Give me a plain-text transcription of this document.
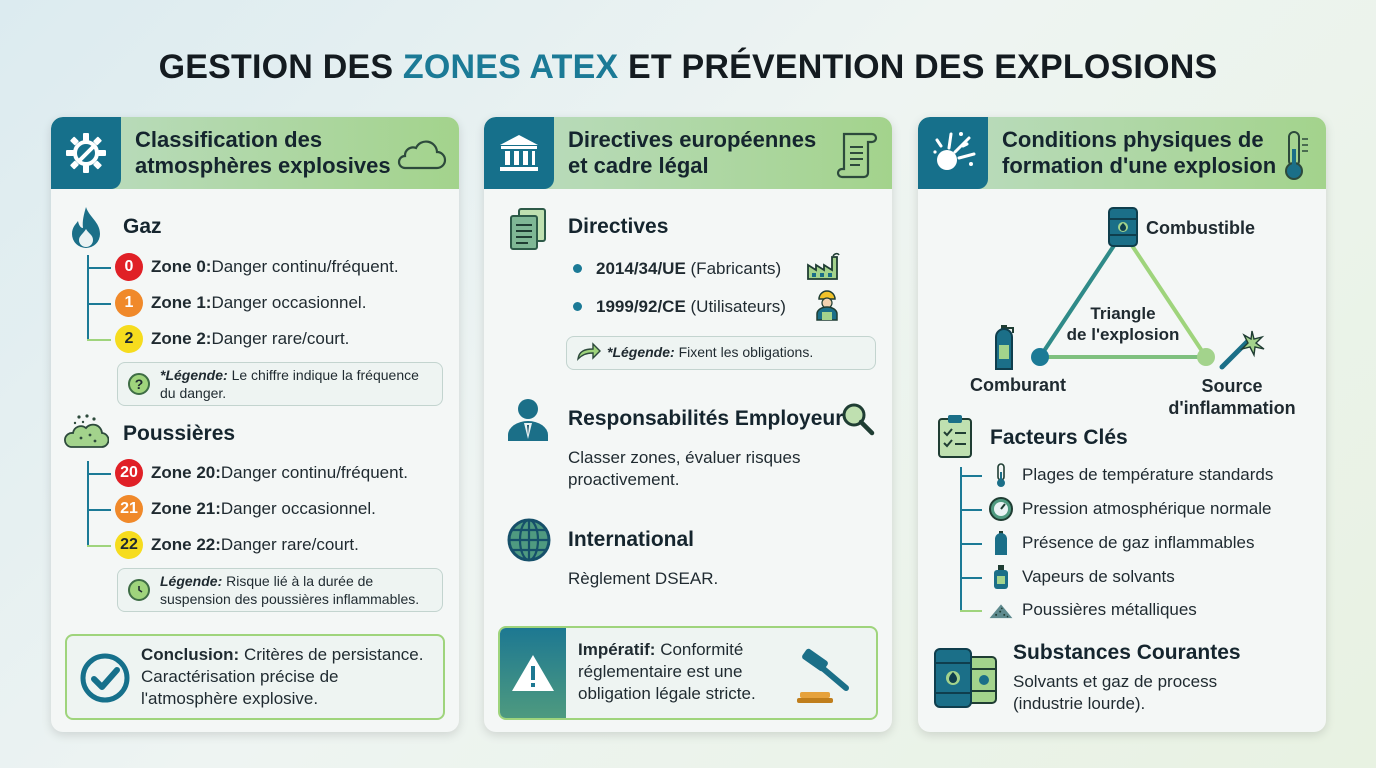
GESTION DES ZONES ATEX ET PRÉVENTION DES EXPLOSIONS
Classification des atmosphères explosives
Gaz
0	Zone 0: Danger continu/fréquent.
1	Zone 1: Danger occasionnel.
2	Zone 2: Danger rare/court.
?
*Légende: Le chiffre indique la fréquence du danger.
Poussières
20 Zone 20: Danger continu/fréquent.
21 Zone 21: Danger occasionnel.
22 Zone 22: Danger rare/court.
Légende: Risque lié à la durée de suspension des poussières inflammables.
Conclusion: Critères de persistance.
Caractérisation précise de
l'atmosphère explosive.
Directives européennes et cadre légal
Directives
2014/34/UE (Fabricants)
1999/92/CE (Utilisateurs)
*Légende: Fixent les obligations.
Responsabilités Employeur
Classer zones, évaluer risques proactivement.
International
Règlement DSEAR.
Impératif: Conformité
réglementaire est une
obligation légale stricte.
Conditions physiques de formation d'une explosion
Combustible
Triangle
de l'explosion
Comburant	Source
d'inflammation
Facteurs Clés
Plages de température standards
Pression atmosphérique normale
Présence de gaz inflammables
Vapeurs de solvants
Poussières métalliques
Substances Courantes
Solvants et gaz de process
(industrie lourde).
